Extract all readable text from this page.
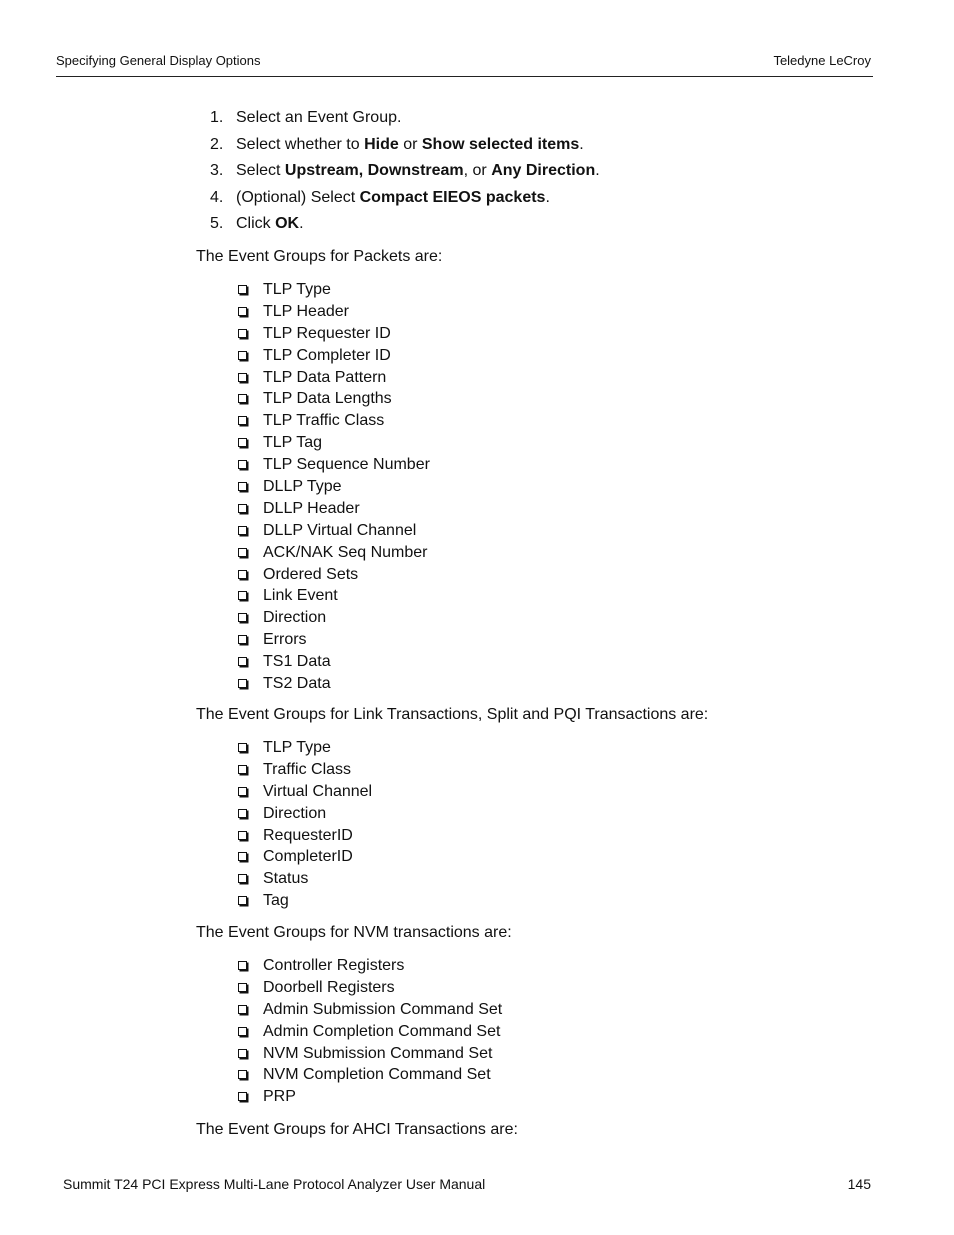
Specifying General Display Options	Teledyne LeCroy
1. Select an Event Group.
2. Select whether to Hide or Show selected items.
3. Select Upstream, Downstream, or Any Direction.
4. (Optional) Select Compact EIEOS packets.
5. Click OK.
The Event Groups for Packets are:
TLP Type
TLP Header
TLP Requester ID
TLP Completer ID
TLP Data Pattern
TLP Data Lengths
TLP Traffic Class
TLP Tag
TLP Sequence Number
DLLP Type
DLLP Header
DLLP Virtual Channel
ACK/NAK Seq Number
Ordered Sets
Link Event
Direction
Errors
TS1 Data
TS2 Data
The Event Groups for Link Transactions, Split and PQI Transactions are:
TLP Type
Traffic Class
Virtual Channel
Direction
RequesterID
CompleterID
Status
Tag
The Event Groups for NVM transactions are:
Controller Registers
Doorbell Registers
Admin Submission Command Set
Admin Completion Command Set
NVM Submission Command Set
NVM Completion Command Set
PRP
The Event Groups for AHCI Transactions are:
Summit T24 PCI Express Multi-Lane Protocol Analyzer User Manual	145
